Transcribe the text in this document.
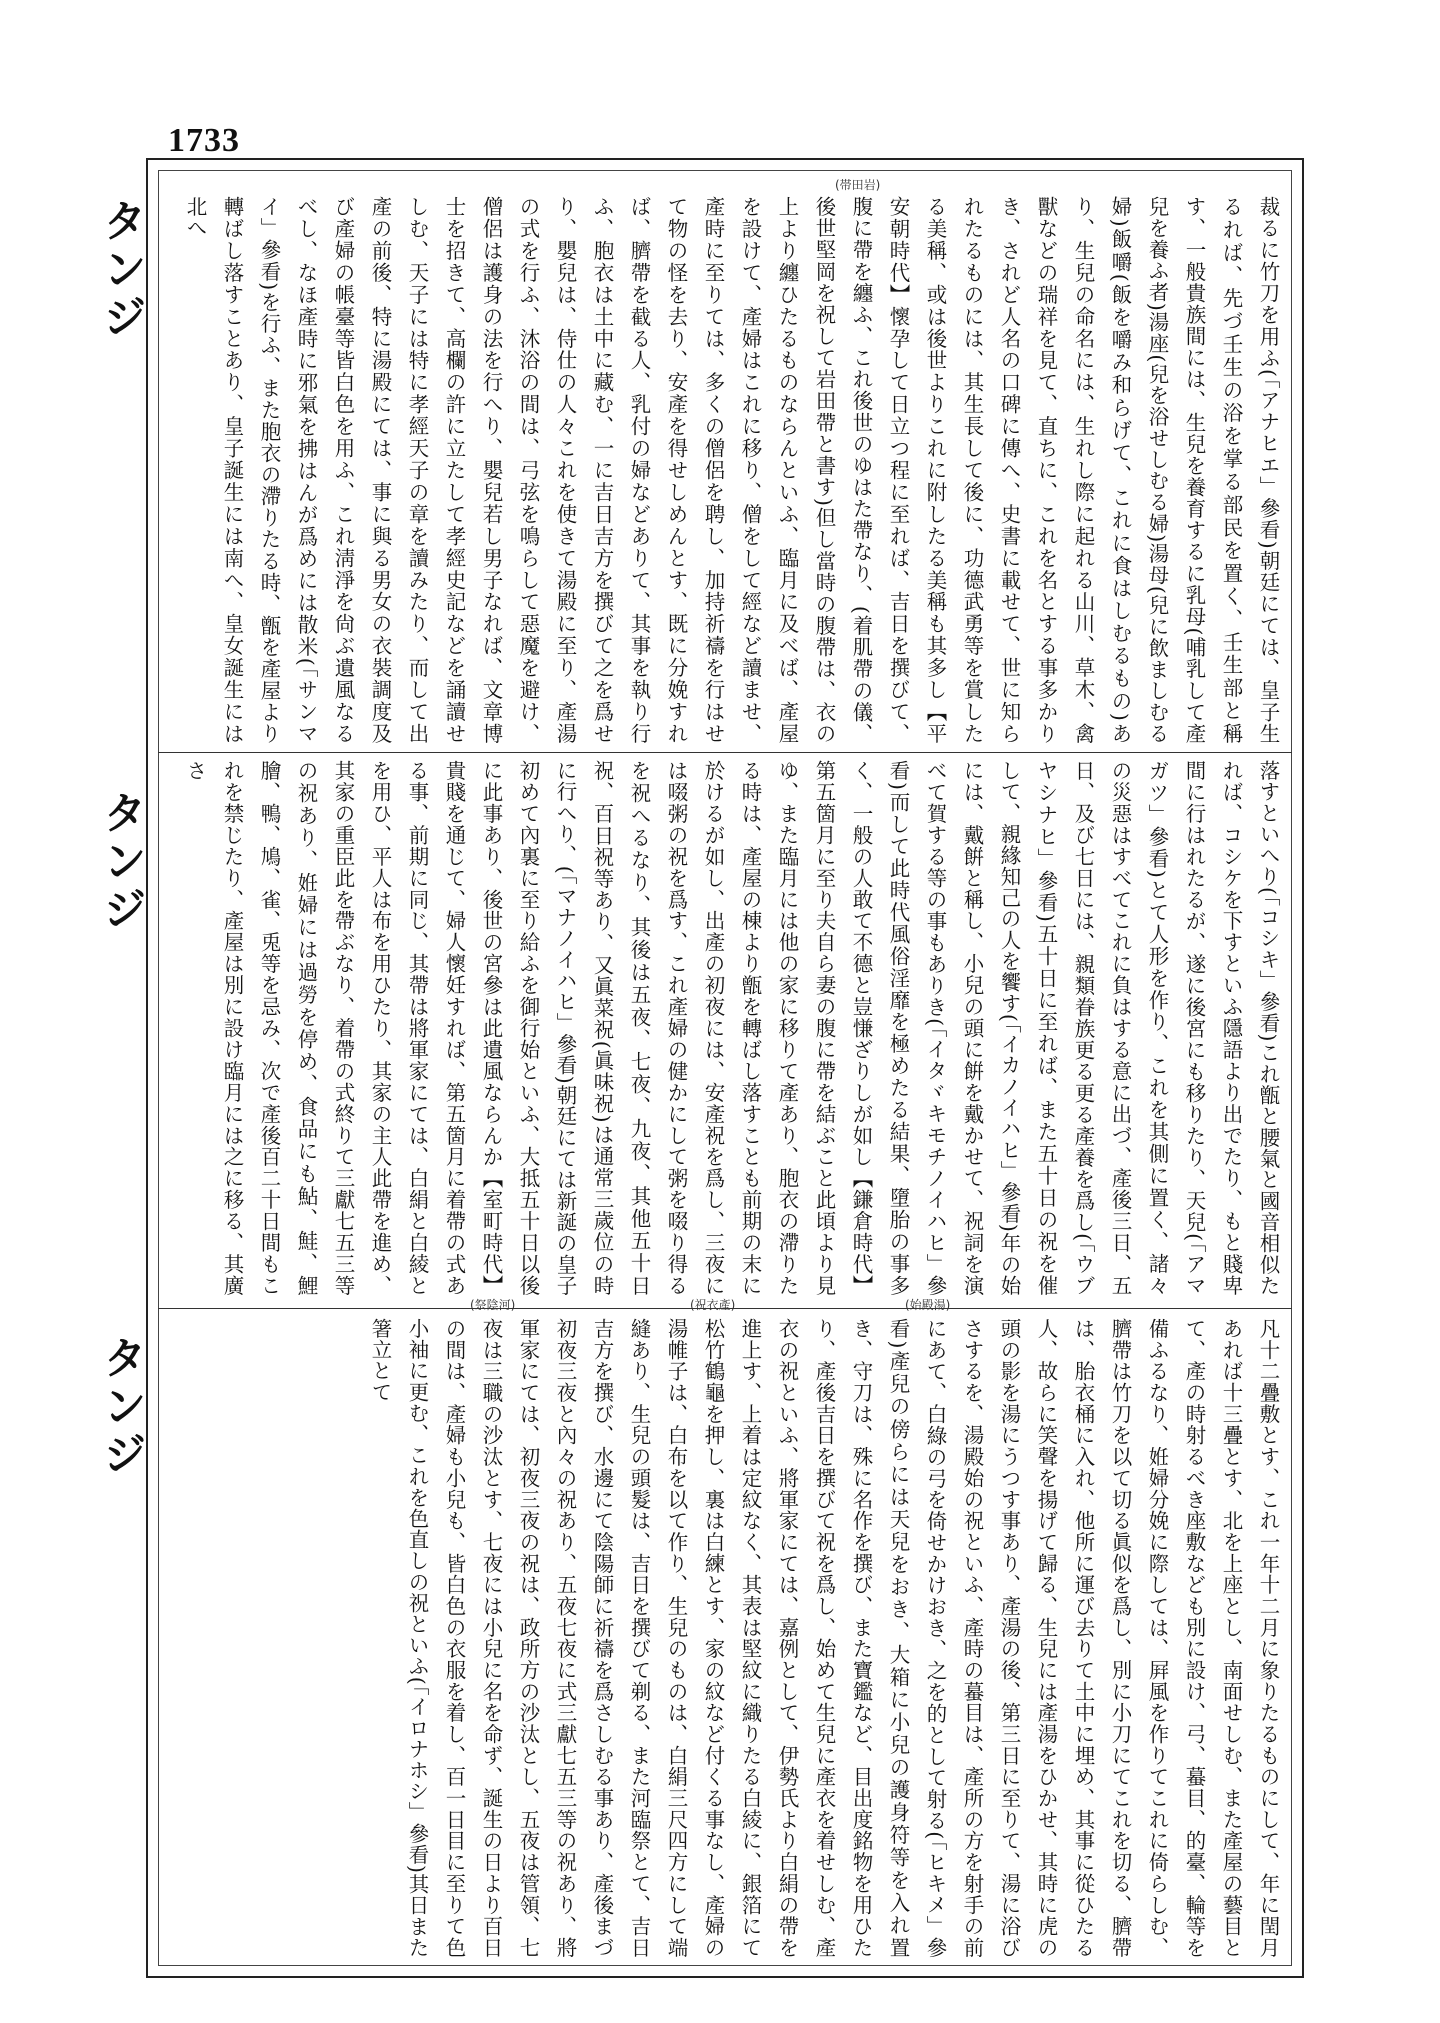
1733
タンジ
タンジ
タンジ
(帯田岩)
(祭陰河)	(祝衣產)	(始殿湯)

裁るに竹刀を用ふ(「アナヒエ」參看)朝廷にては、皇子生るれば、先づ壬生の浴を掌る部民を置く、壬生部と稱す、一般貴族間には、生兒を養育するに乳母(哺乳して產兒を養ふ者)湯座(兒を浴せしむる婦)湯母(兒に飲ましむる婦)飯嚼(飯を嚼み和らげて、これに食はしむるもの)あり、生兒の命名には、生れし際に起れる山川、草木、禽獸などの瑞祥を見て、直ちに、これを名とする事多かりき、されど人名の口碑に傳へ、史書に載せて、世に知られたるものには、其生長して後に、功德武勇等を賞したる美稱、或は後世よりこれに附したる美稱も其多し【平安朝時代】懷孕して日立つ程に至れば、吉日を撰びて、腹に帶を纏ふ、これ後世のゆはた帶なり、(着肌帶の儀、後世堅岡を祝して岩田帶と書す)但し當時の腹帶は、衣の上より纏ひたるものならんといふ、臨月に及べば、產屋を設けて、產婦はこれに移り、僧をして經など讀ませ、產時に至りては、多くの僧侶を聘し、加持祈禱を行はせて物の怪を去り、安產を得せしめんとす、既に分娩すれば、臍帶を截る人、乳付の婦などありて、其事を執り行ふ、胞衣は土中に藏む、一に吉日吉方を撰びて之を爲せり、嬰兒は、侍仕の人々これを使きて湯殿に至り、產湯の式を行ふ、沐浴の間は、弓弦を鳴らして惡魔を避け、僧侶は護身の法を行へり、嬰兒若し男子なれば、文章博士を招きて、高欄の許に立たして孝經史記などを誦讀せしむ、天子には特に孝經天子の章を讀みたり、而して出產の前後、特に湯殿にては、事に與る男女の衣裝調度及び產婦の帳臺等皆白色を用ふ、これ淸淨を尙ぶ遺風なるべし、なほ產時に邪氣を拂はんが爲めには散米(「サンマイ」參看)を行ふ、また胞衣の滯りたる時、甑を產屋より轉ばし落すことあり、皇子誕生には南へ、皇女誕生には北へ

落すといへり(「コシキ」參看)これ甑と腰氣と國音相似たれば、コシケを下すといふ隱語より出でたり、もと賤卑間に行はれたるが、遂に後宮にも移りたり、天兒(「アマガツ」參看)とて人形を作り、これを其側に置く、諸々の災惡はすべてこれに負はする意に出づ、產後三日、五日、及び七日には、親類眷族更る更る產養を爲し(「ウブヤシナヒ」參看)五十日に至れば、また五十日の祝を催して、親緣知己の人を饗す(「イカノイハヒ」參看)年の始には、戴餠と稱し、小兒の頭に餠を戴かせて、祝詞を演べて賀する等の事もありき(「イタヾキモチノイハヒ」參看)而して此時代風俗淫靡を極めたる結果、墮胎の事多く、一般の人敢て不德と豈慊ざりしが如し【鎌倉時代】第五箇月に至り夫自ら妻の腹に帶を結ぶこと此頃より見ゆ、また臨月には他の家に移りて產あり、胞衣の滯りたる時は、產屋の棟より甑を轉ばし落すことも前期の末に於けるが如し、出產の初夜には、安產祝を爲し、三夜には啜粥の祝を爲す、これ產婦の健かにして粥を啜り得るを祝へるなり、其後は五夜、七夜、九夜、其他五十日祝、百日祝等あり、又眞菜祝(眞味祝)は通常三歲位の時に行へり、(「マナノイハヒ」參看)朝廷にては新誕の皇子初めて內裏に至り給ふを御行始といふ、大抵五十日以後に此事あり、後世の宮參は此遺風ならんか【室町時代】貴賤を通じて、婦人懷妊すれば、第五箇月に着帶の式ある事、前期に同じ、其帶は將軍家にては、白絹と白綾とを用ひ、平人は布を用ひたり、其家の主人此帶を進め、其家の重臣此を帶ぶなり、着帶の式終りて三獻七五三等の祝あり、姙婦には過勞を停め、食品にも鮎、鮭、鯉膾、鴨、鳩、雀、兎等を忌み、次で產後百二十日間もこれを禁じたり、產屋は別に設け臨月には之に移る、其廣さ

凡十二疊敷とす、これ一年十二月に象りたるものにして、年に閏月あれば十三疊とす、北を上座とし、南面せしむ、また產屋の藝目とて、產の時射るべき座敷なども別に設け、弓、蟇目、的臺、輪等を備ふるなり、姙婦分娩に際しては、屛風を作りてこれに倚らしむ、臍帶は竹刀を以て切る眞似を爲し、別に小刀にてこれを切る、臍帶は、胎衣桶に入れ、他所に運び去りて土中に埋め、其事に從ひたる人、故らに笑聲を揚げて歸る、生兒には產湯をひかせ、其時に虎の頭の影を湯にうつす事あり、產湯の後、第三日に至りて、湯に浴びさするを、湯殿始の祝といふ、產時の蟇目は、產所の方を射手の前にあて、白綠の弓を倚せかけおき、之を的として射る(「ヒキメ」參看)產兒の傍らには天兒をおき、大箱に小兒の護身符等を入れ置き、守刀は、殊に名作を撰び、また寶鑑など、目出度銘物を用ひたり、產後吉日を撰びて祝を爲し、始めて生兒に產衣を着せしむ、產衣の祝といふ、將軍家にては、嘉例として、伊勢氏より白絹の帶を進上す、上着は定紋なく、其表は堅紋に織りたる白綾に、銀箔にて松竹鶴龜を押し、裏は白練とす、家の紋など付くる事なし、產婦の湯帷子は、白布を以て作り、生兒のものは、白絹三尺四方にして端縫あり、生兒の頭髮は、吉日を撰びて剃る、また河臨祭とて、吉日吉方を撰び、水邊にて陰陽師に祈禱を爲さしむる事あり、產後まづ初夜三夜と內々の祝あり、五夜七夜に式三獻七五三等の祝あり、將軍家にては、初夜三夜の祝は、政所方の沙汰とし、五夜は管領、七夜は三職の沙汰とす、七夜には小兒に名を命ず、誕生の日より百日の間は、產婦も小兒も、皆白色の衣服を着し、百一日目に至りて色小袖に更む、これを色直しの祝といふ(「イロナホシ」參看)其日また箸立とて
